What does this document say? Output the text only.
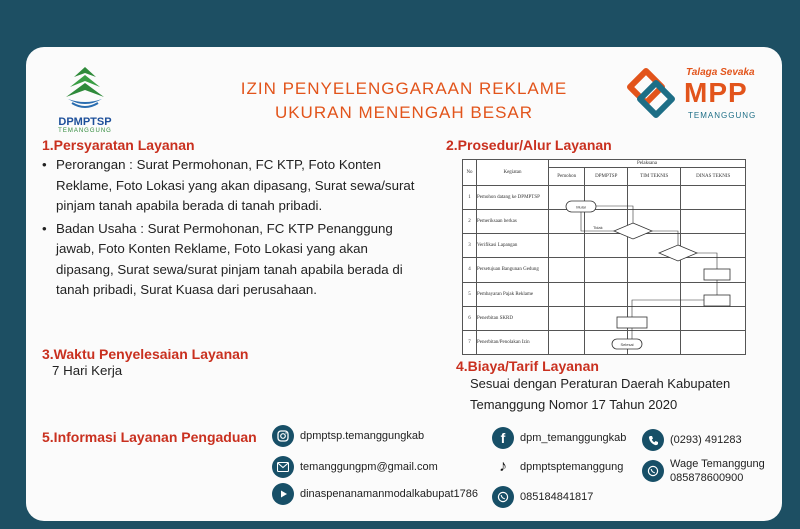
DPMPTSP
TEMANGGUNG
Talaga Sevaka
MPP
TEMANGGUNG
IZIN PENYELENGGARAAN REKLAME
UKURAN MENENGAH BESAR
1.Persyaratan Layanan
• Perorangan : Surat Permohonan, FC KTP, Foto Konten Reklame, Foto Lokasi yang akan dipasang, Surat sewa/surat pinjam tanah apabila berada di tanah pribadi.
• Badan Usaha : Surat Permohonan, FC KTP Penanggung jawab, Foto Konten Reklame, Foto Lokasi yang akan dipasang, Surat sewa/surat pinjam tanah apabila berada di tanah pribadi, Surat Kuasa dari perusahaan.
3.Waktu Penyelesaian Layanan
7 Hari Kerja
2.Prosedur/Alur Layanan
No	Kegiatan	Pelaksana			
		Pemohon	DPMPTSP	TIM TEKNIS	DINAS TEKNIS
1	Pemohon datang ke DPMPTSP				
2	Pemeriksaan berkas				
3	Verifikasi Lapangan				
4	Persetujuan Bangunan Gedung				
5	Pembayaran Pajak Reklame				
6	Penerbitan SKRD				
7	Penerbitan/Penolakan Izin				
Mulai
Selesai
Tidak
4.Biaya/Tarif Layanan
Sesuai dengan Peraturan Daerah Kabupaten
Temanggung Nomor 17 Tahun 2020
5.Informasi Layanan Pengaduan	dpmptsp.temanggungkab
temanggungpm@gmail.com
dinaspenanamanmodalkabupat1786
f	dpm_temanggungkab
♪	dpmptsptemanggung
085184841817
(0293) 491283
Wage Temanggung
085878600900
